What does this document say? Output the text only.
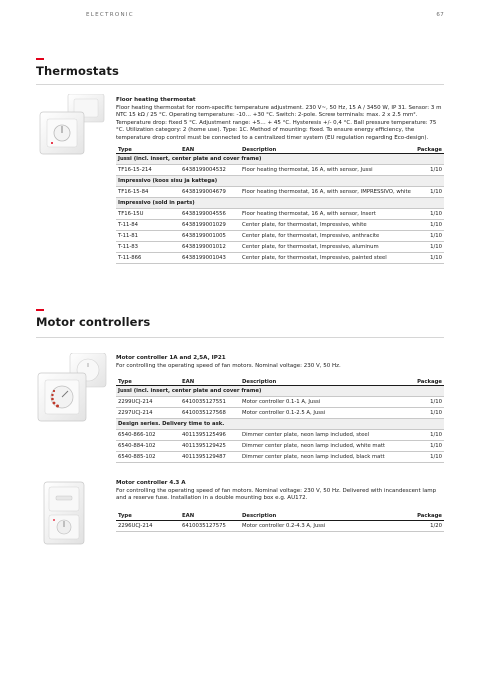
ELECTRONIC	67
Thermostats
Floor heating thermostat
Floor heating thermostat for room-specific temperature adjustment. 230 V~, 50 Hz, 15 A / 3450 W, IP 31. Sensor: 3 m NTC 15 kΩ / 25 °C. Operating temperature: -10… +30 °C. Switch: 2-pole. Screw terminals: max. 2 x 2.5 mm². Temperature drop: fixed 5 °C. Adjustment range: +5… + 45 °C. Hysteresis +/- 0,4 °C. Ball pressure temperature: 75 °C. Utilization category: 2 (home use). Type: 1C. Method of mounting: fixed. To ensure energy efficiency, the temperature drop control must be connected to a centralized timer system (EU regulation regarding Eco-design).
Type	EAN	Description	Package
Jussi (incl. insert, center plate and cover frame)			
TF16-15-214	6438199004532	Floor heating thermostat, 16 A, with sensor, Jussi	1/10
Impressivo (koos sisu ja kattega)			
TF16-15-84	6438199004679	Floor heating thermostat, 16 A, with sensor, IMPRESSIVO, white	1/10
Impressivo (sold in parts)			
TF16-15U	6438199004556	Floor heating thermostat, 16 A, with sensor, Insert	1/10
T-11-84	6438199001029	Center plate, for thermostat, Impressivo, white	1/10
T-11-81	6438199001005	Center plate, for thermostat, Impressivo, anthracite	1/10
T-11-83	6438199001012	Center plate, for thermostat, Impressivo, aluminum	1/10
T-11-866	6438199001043	Center plate, for thermostat, Impressivo, painted steel	1/10
Motor controllers
Motor controller 1A and 2,5A, IP21
For controlling the operating speed of fan motors. Nominal voltage: 230 V, 50 Hz.
Type	EAN	Description	Package
Jussi (incl. insert, center plate and cover frame)			
2299UCJ-214	6410035127551	Motor controller 0.1-1 A, Jussi	1/10
2297UCJ-214	6410035127568	Motor controller 0.1-2.5 A, Jussi	1/10
Design series. Delivery time to ask.			
6540-866-102	4011395125496	Dimmer center plate, neon lamp included, steel	1/10
6540-884-102	4011395129425	Dimmer center plate, neon lamp included, white matt	1/10
6540-885-102	4011395129487	Dimmer center plate, neon lamp included, black matt	1/10
Motor controller 4.3 A
For controlling the operating speed of fan motors. Nominal voltage: 230 V, 50 Hz. Delivered with incandescent lamp and a reserve fuse. Installation in a double mounting box e.g. AU172.
Type	EAN	Description	Package
2296UCJ-214	6410035127575	Motor controller 0.2-4.3 A, Jussi	1/20
